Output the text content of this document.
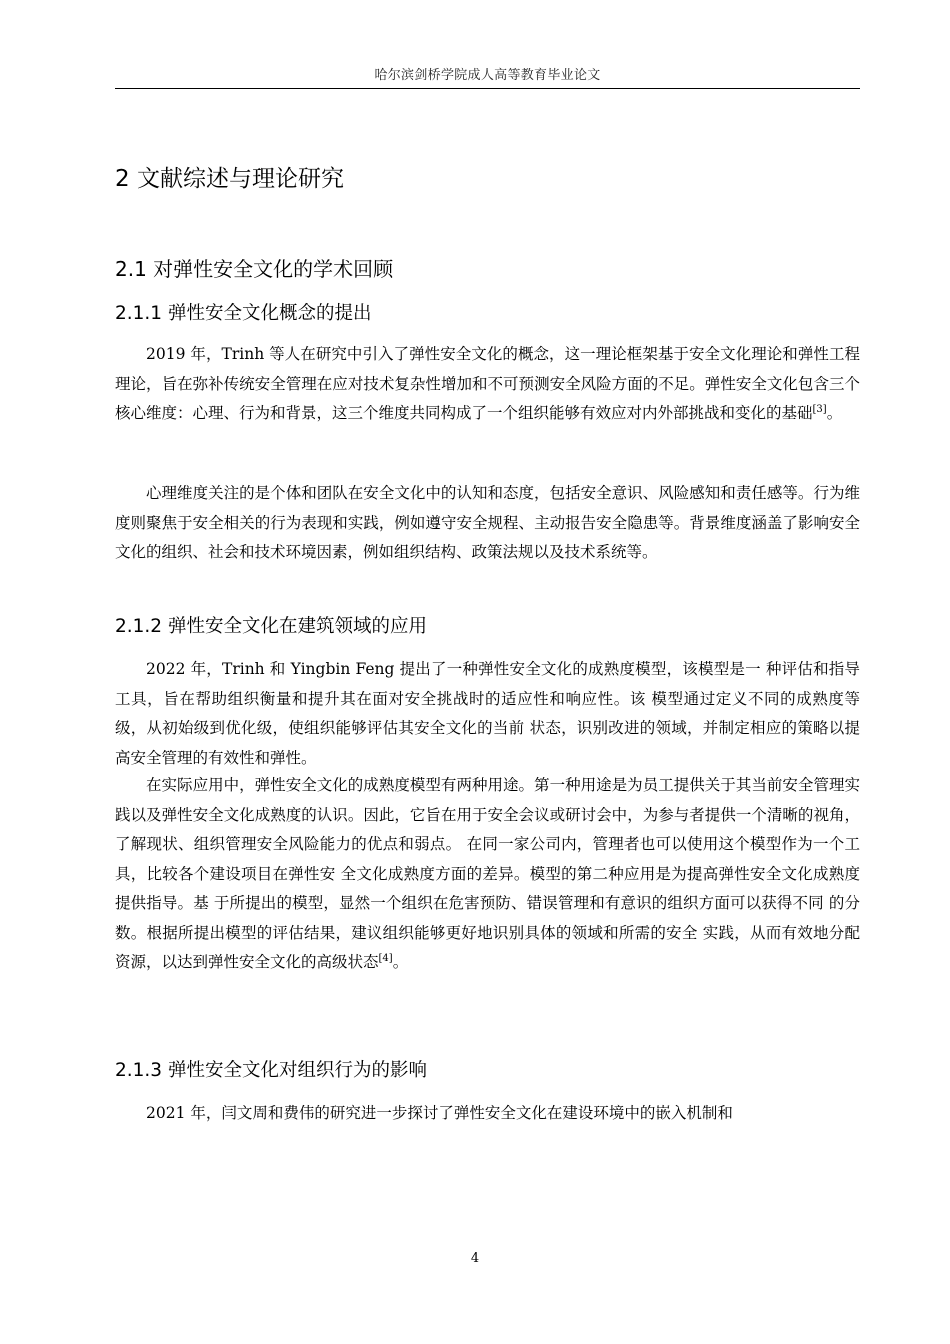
哈尔滨剑桥学院成人高等教育毕业论文
2 文献综述与理论研究
2.1 对弹性安全文化的学术回顾
2.1.1 弹性安全文化概念的提出
2019 年，Trinh 等人在研究中引入了弹性安全文化的概念，这一理论框架基于安全文化理论和弹性工程理论，旨在弥补传统安全管理在应对技术复杂性增加和不可预测安全风险方面的不足。弹性安全文化包含三个核心维度：心理、行为和背景，这三个维度共同构成了一个组织能够有效应对内外部挑战和变化的基础[3]。
心理维度关注的是个体和团队在安全文化中的认知和态度，包括安全意识、风险感知和责任感等。行为维度则聚焦于安全相关的行为表现和实践，例如遵守安全规程、主动报告安全隐患等。背景维度涵盖了影响安全文化的组织、社会和技术环境因素，例如组织结构、政策法规以及技术系统等。
2.1.2 弹性安全文化在建筑领域的应用
2022 年，Trinh 和 Yingbin Feng 提出了一种弹性安全文化的成熟度模型，该模型是一 种评估和指导工具，旨在帮助组织衡量和提升其在面对安全挑战时的适应性和响应性。该 模型通过定义不同的成熟度等级，从初始级到优化级，使组织能够评估其安全文化的当前 状态，识别改进的领域，并制定相应的策略以提高安全管理的有效性和弹性。
在实际应用中，弹性安全文化的成熟度模型有两种用途。第一种用途是为员工提供关于其当前安全管理实践以及弹性安全文化成熟度的认识。因此，它旨在用于安全会议或研讨会中，为参与者提供一个清晰的视角，了解现状、组织管理安全风险能力的优点和弱点。 在同一家公司内，管理者也可以使用这个模型作为一个工具，比较各个建设项目在弹性安 全文化成熟度方面的差异。模型的第二种应用是为提高弹性安全文化成熟度提供指导。基 于所提出的模型，显然一个组织在危害预防、错误管理和有意识的组织方面可以获得不同 的分数。根据所提出模型的评估结果，建议组织能够更好地识别具体的领域和所需的安全 实践，从而有效地分配资源，以达到弹性安全文化的高级状态[4]。
2.1.3 弹性安全文化对组织行为的影响
2021 年，闫文周和费伟的研究进一步探讨了弹性安全文化在建设环境中的嵌入机制和
4
